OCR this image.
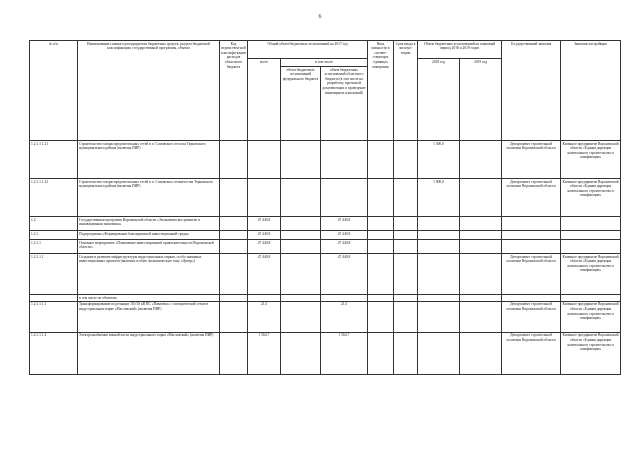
6
№ п/п	Наименование главного распорядителя бюджетных средств, раздела бюджетной классификации, государственной программы, объекта	Код ведомствен-ной классифи-кации расходов областного бюджета	Общий объем бюджетных ассигнований на 2017 год			Ввод мощности в соответ-ствующих единицах измерения	Срок ввода в эксплуа-тацию	Объем бюджетных ассигнований на плановый период 2018 и 2019 годов		Государственный заказчик	Заказчик-застройщик
			всего	в том числе				2018 год	2019 год		
				объем бюджетных ассигнований федерального бюджета	объем бюджетных ассигнований областного бюджета (в том числе на разработку проектной документации и проведение инженерных изысканий)						
1.2.1.1.1.21	Строительство газораспределительных сетей в п. Сомовского лесхоза Терновского муниципального района (включая ПИР)							1 500,0		Департамент строительной политики Воронежской области	Казенное предприятие Воронежской области «Единая дирекция капитального строительства и газификации»
1.2.1.1.1.22	Строительство газораспределительных сетей в п. Сомовского лесничества Терновского муниципального района (включая ПИР)							1 900,0		Департамент строительной политики Воронежской области	Казенное предприятие Воронежской области «Единая дирекция капитального строительства и газификации»
1.2	Государственная программа Воронежской области «Экономическое развитие и инновационная экономика»		47 440,8		47 440,8						
1.2.1	Подпрограмма «Формирование благоприятной инвестиционной среды»		47 440,8		47 440,8						
1.2.1.1	Основное мероприятие «Повышение инвестиционной привлекательности Воронежской области»		47 440,8		47 440,8						
1.2.1.1.1	Создание и развитие инфраструктуры индустриальных парков, особо значимых инвестиционных проектов (включая особую экономическую зону «Центр»)		47 440,8		47 440,8					Департамент строительной политики Воронежской области	Казенное предприятие Воронежской области «Единая дирекция капитального строительства и газификации»
	в том числе по объектам:										
1.2.1.1.1.1	Трансформирование подстанции 110/10 кВ ПС «Павловск» с электрической сетью в индустриальном парке «Масловский» (включая ПИР)		21,5		21,5					Департамент строительной политики Воронежской области	Казенное предприятие Воронежской области «Единая дирекция капитального строительства и газификации»
1.2.1.1.1.2	Электроснабжение южной части индустриального парка «Масловский» (включая ПИР)		1 564,7		1 564,7					Департамент строительной политики Воронежской области	Казенное предприятие Воронежской области «Единая дирекция капитального строительства и газификации»
